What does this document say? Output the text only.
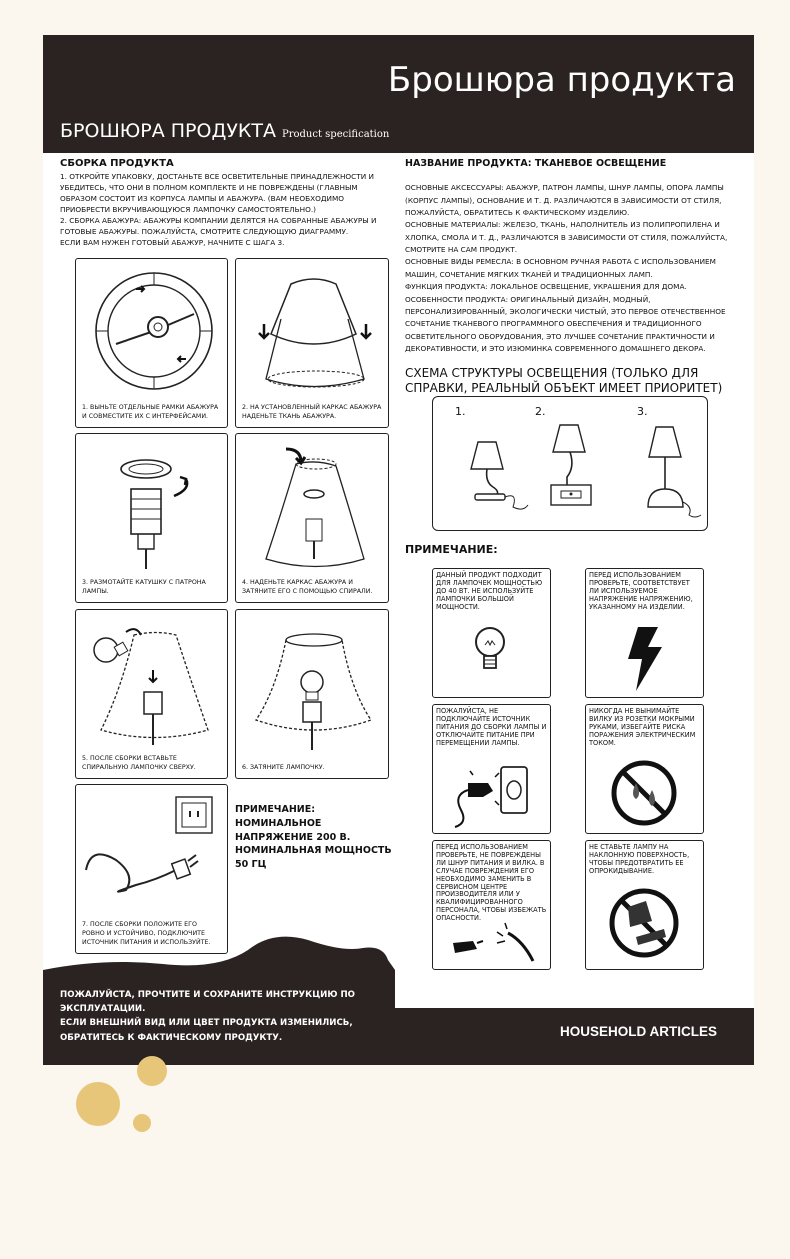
Брошюра продукта
БРОШЮРА ПРОДУКТА Product specification
СБОРКА ПРОДУКТА
1. ОТКРОЙТЕ УПАКОВКУ, ДОСТАНЬТЕ ВСЕ ОСВЕТИТЕЛЬНЫЕ ПРИНАДЛЕЖНОСТИ И УБЕДИТЕСЬ, ЧТО ОНИ В ПОЛНОМ КОМПЛЕКТЕ И НЕ ПОВРЕЖДЕНЫ (ГЛАВНЫМ ОБРАЗОМ СОСТОИТ ИЗ КОРПУСА ЛАМПЫ И АБАЖУРА. (ВАМ НЕОБХОДИМО ПРИОБРЕСТИ ВКРУЧИВАЮЩУЮСЯ ЛАМПОЧКУ САМОСТОЯТЕЛЬНО.)
2. СБОРКА АБАЖУРА: АБАЖУРЫ КОМПАНИИ ДЕЛЯТСЯ НА СОБРАННЫЕ АБАЖУРЫ И ГОТОВЫЕ АБАЖУРЫ. ПОЖАЛУЙСТА, СМОТРИТЕ СЛЕДУЮЩУЮ ДИАГРАММУ.
ЕСЛИ ВАМ НУЖЕН ГОТОВЫЙ АБАЖУР, НАЧНИТЕ С ШАГА 3.
1. ВЫНЬТЕ ОТДЕЛЬНЫЕ РАМКИ АБАЖУРА И СОВМЕСТИТЕ ИХ С ИНТЕРФЕЙСАМИ.
2. НА УСТАНОВЛЕННЫЙ КАРКАС АБАЖУРА НАДЕНЬТЕ ТКАНЬ АБАЖУРА.
3. РАЗМОТАЙТЕ КАТУШКУ С ПАТРОНА ЛАМПЫ.
4. НАДЕНЬТЕ КАРКАС АБАЖУРА И ЗАТЯНИТЕ ЕГО С ПОМОЩЬЮ СПИРАЛИ.
5. ПОСЛЕ СБОРКИ ВСТАВЬТЕ СПИРАЛЬНУЮ ЛАМПОЧКУ СВЕРХУ.	6. ЗАТЯНИТЕ ЛАМПОЧКУ.
7. ПОСЛЕ СБОРКИ ПОЛОЖИТЕ ЕГО РОВНО И УСТОЙЧИВО, ПОДКЛЮЧИТЕ ИСТОЧНИК ПИТАНИЯ И ИСПОЛЬЗУЙТЕ.
ПРИМЕЧАНИЕ:
НОМИНАЛЬНОЕ
НАПРЯЖЕНИЕ 200 В.
НОМИНАЛЬНАЯ МОЩНОСТЬ
50 ГЦ
НАЗВАНИЕ ПРОДУКТА: ТКАНЕВОЕ ОСВЕЩЕНИЕ
ОСНОВНЫЕ АКСЕССУАРЫ: АБАЖУР, ПАТРОН ЛАМПЫ, ШНУР ЛАМПЫ, ОПОРА ЛАМПЫ (КОРПУС ЛАМПЫ), ОСНОВАНИЕ И Т. Д. РАЗЛИЧАЮТСЯ В ЗАВИСИМОСТИ ОТ СТИЛЯ, ПОЖАЛУЙСТА, ОБРАТИТЕСЬ К ФАКТИЧЕСКОМУ ИЗДЕЛИЮ.
ОСНОВНЫЕ МАТЕРИАЛЫ: ЖЕЛЕЗО, ТКАНЬ, НАПОЛНИТЕЛЬ ИЗ ПОЛИПРОПИЛЕНА И ХЛОПКА, СМОЛА И Т. Д., РАЗЛИЧАЮТСЯ В ЗАВИСИМОСТИ ОТ СТИЛЯ, ПОЖАЛУЙСТА, СМОТРИТЕ НА САМ ПРОДУКТ.
ОСНОВНЫЕ ВИДЫ РЕМЕСЛА: В ОСНОВНОМ РУЧНАЯ РАБОТА С ИСПОЛЬЗОВАНИЕМ МАШИН, СОЧЕТАНИЕ МЯГКИХ ТКАНЕЙ И ТРАДИЦИОННЫХ ЛАМП.
ФУНКЦИЯ ПРОДУКТА: ЛОКАЛЬНОЕ ОСВЕЩЕНИЕ, УКРАШЕНИЯ ДЛЯ ДОМА.
ОСОБЕННОСТИ ПРОДУКТА: ОРИГИНАЛЬНЫЙ ДИЗАЙН, МОДНЫЙ, ПЕРСОНАЛИЗИРОВАННЫЙ, ЭКОЛОГИЧЕСКИ ЧИСТЫЙ, ЭТО ПЕРВОЕ ОТЕЧЕСТВЕННОЕ СОЧЕТАНИЕ ТКАНЕВОГО ПРОГРАММНОГО ОБЕСПЕЧЕНИЯ И ТРАДИЦИОННОГО ОСВЕТИТЕЛЬНОГО ОБОРУДОВАНИЯ, ЭТО ЛУЧШЕЕ СОЧЕТАНИЕ ПРАКТИЧНОСТИ И ДЕКОРАТИВНОСТИ, И ЭТО ИЗЮМИНКА СОВРЕМЕННОГО ДОМАШНЕГО ДЕКОРА.
СХЕМА СТРУКТУРЫ ОСВЕЩЕНИЯ (ТОЛЬКО ДЛЯ СПРАВКИ, РЕАЛЬНЫЙ ОБЪЕКТ ИМЕЕТ ПРИОРИТЕТ)
1.	2.	3.
ПРИМЕЧАНИЕ:
ДАННЫЙ ПРОДУКТ ПОДХОДИТ ДЛЯ ЛАМПОЧЕК МОЩНОСТЬЮ ДО 40 ВТ. НЕ ИСПОЛЬЗУЙТЕ ЛАМПОЧКИ БОЛЬШОЙ МОЩНОСТИ.
ПЕРЕД ИСПОЛЬЗОВАНИЕМ ПРОВЕРЬТЕ, СООТВЕТСТВУЕТ ЛИ ИСПОЛЬЗУЕМОЕ НАПРЯЖЕНИЕ НАПРЯЖЕНИЮ, УКАЗАННОМУ НА ИЗДЕЛИИ.
ПОЖАЛУЙСТА, НЕ ПОДКЛЮЧАЙТЕ ИСТОЧНИК ПИТАНИЯ ДО СБОРКИ ЛАМПЫ И ОТКЛЮЧАЙТЕ ПИТАНИЕ ПРИ ПЕРЕМЕЩЕНИИ ЛАМПЫ.
НИКОГДА НЕ ВЫНИМАЙТЕ ВИЛКУ ИЗ РОЗЕТКИ МОКРЫМИ РУКАМИ, ИЗБЕГАЙТЕ РИСКА ПОРАЖЕНИЯ ЭЛЕКТРИЧЕСКИМ ТОКОМ.
ПЕРЕД ИСПОЛЬЗОВАНИЕМ ПРОВЕРЬТЕ, НЕ ПОВРЕЖДЕНЫ ЛИ ШНУР ПИТАНИЯ И ВИЛКА. В СЛУЧАЕ ПОВРЕЖДЕНИЯ ЕГО НЕОБХОДИМО ЗАМЕНИТЬ В СЕРВИСНОМ ЦЕНТРЕ ПРОИЗВОДИТЕЛЯ ИЛИ У КВАЛИФИЦИРОВАННОГО ПЕРСОНАЛА, ЧТОБЫ ИЗБЕЖАТЬ ОПАСНОСТИ.
НЕ СТАВЬТЕ ЛАМПУ НА НАКЛОННУЮ ПОВЕРХНОСТЬ, ЧТОБЫ ПРЕДОТВРАТИТЬ ЕЕ ОПРОКИДЫВАНИЕ.
ПОЖАЛУЙСТА, ПРОЧТИТЕ И СОХРАНИТЕ ИНСТРУКЦИЮ ПО ЭКСПЛУАТАЦИИ.
ЕСЛИ ВНЕШНИЙ ВИД ИЛИ ЦВЕТ ПРОДУКТА ИЗМЕНИЛИСЬ, ОБРАТИТЕСЬ К ФАКТИЧЕСКОМУ ПРОДУКТУ.	HOUSEHOLD ARTICLES
